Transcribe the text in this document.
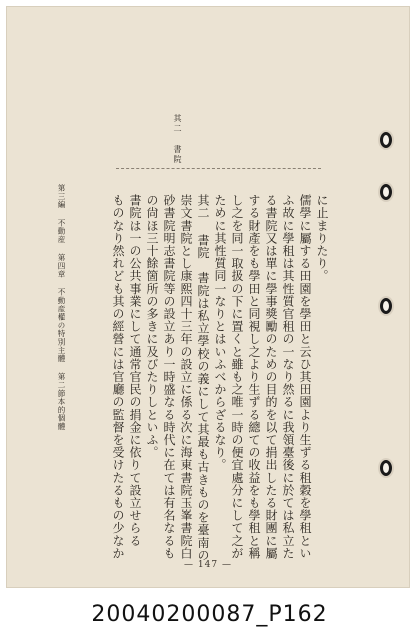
其二 書院
第三編 不動産 第四章 不動産權の特別主體 第二節本的個體	に止まりたり。
儒學に屬する田園を學田と云ひ其田園より生ずる租穀を學租とい
ふ故に學租は其性質官租の一なり然るに我領臺後に於ては私立た
る書院又は單に學事獎勵のための目的を以て捐出したる財團に屬
する財產をも學田と同視し之より生ずる總ての收益をも學租と稱
し之を同一取扱の下に置くと雖も之唯一時の便宜處分にして之が
ために其性質同一なりとはいふべからざるなり。
其二 書院　書院は私立學校の義にして其最も古きものを臺南の
崇文書院とし康熙四十三年の設立に係る次に海東書院玉峯書院白
砂書院明志書院等の設立あり一時盛なる時代に在ては有名なるも
の尙ほ三十餘箇所の多きに及びたりしといふ。
書院は一の公共事業にして通常官民の捐金に依りて設立せらる
ものなり然れども其の經營には官廳の監督を受けたるもの少なか
— 147 —
20040200087_P162
